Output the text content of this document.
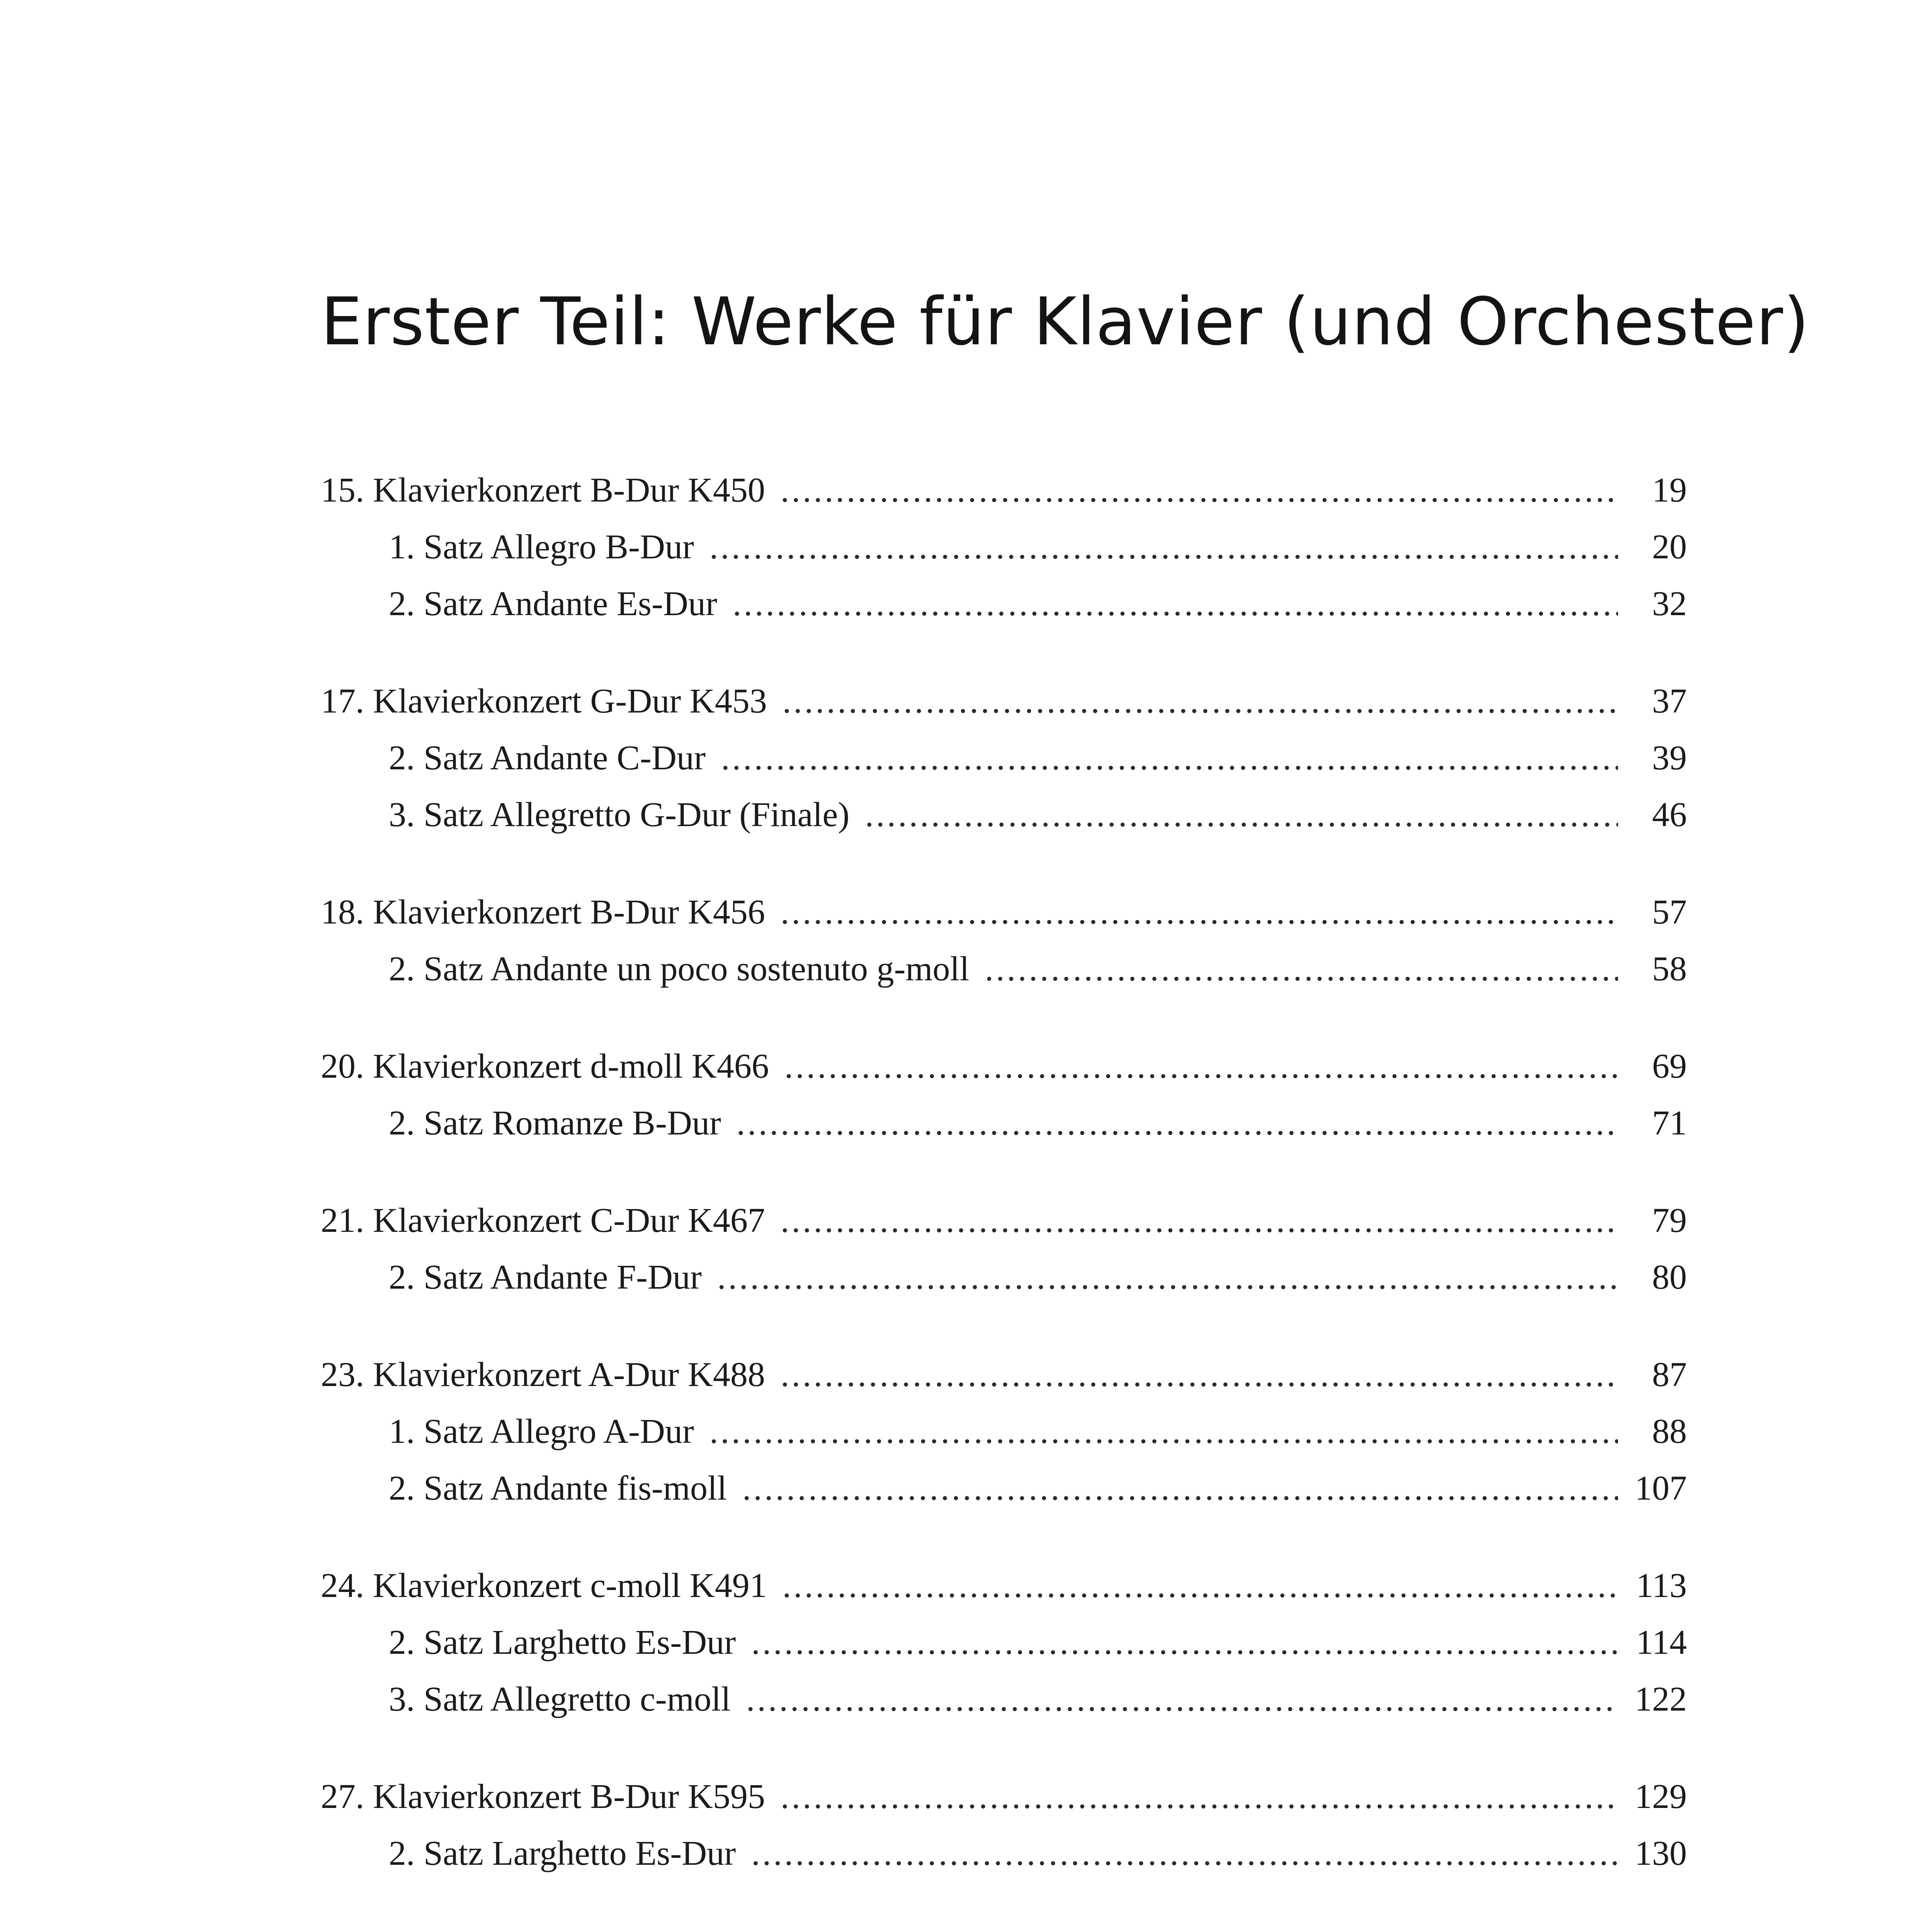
Erster Teil: Werke für Klavier (und Orchester)
15. Klavierkonzert B-Dur K450 .....	19
1. Satz Allegro B-Dur .....	20
2. Satz Andante Es-Dur .....	32
17. Klavierkonzert G-Dur K453 .....	37
2. Satz Andante C-Dur .....	39
3. Satz Allegretto G-Dur (Finale) .....	46
18. Klavierkonzert B-Dur K456 .....	57
2. Satz Andante un poco sostenuto g-moll .....	58
20. Klavierkonzert d-moll K466 .....	69
2. Satz Romanze B-Dur .....	71
21. Klavierkonzert C-Dur K467 .....	79
2. Satz Andante F-Dur .....	80
23. Klavierkonzert A-Dur K488 .....	87
1. Satz Allegro A-Dur .....	88
2. Satz Andante fis-moll .....	107
24. Klavierkonzert c-moll K491 .....	113
2. Satz Larghetto Es-Dur .....	114
3. Satz Allegretto c-moll .....	122
27. Klavierkonzert B-Dur K595 .....	129
2. Satz Larghetto Es-Dur .....	130
